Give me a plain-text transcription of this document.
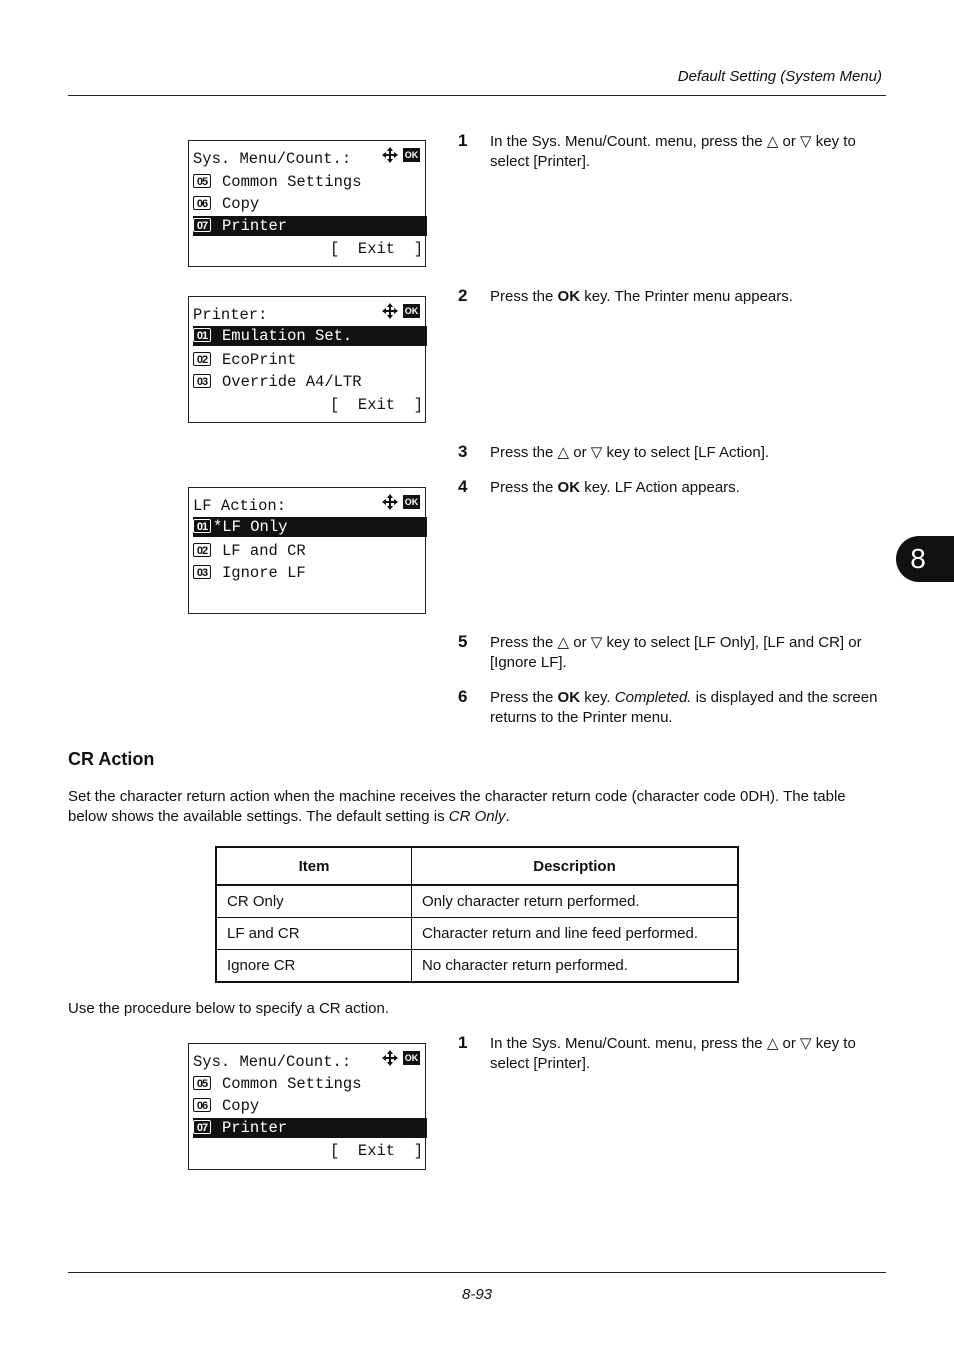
Default Setting (System Menu)
8
Sys. Menu/Count.:	OK
05 Common Settings
06 Copy
07 Printer
[  Exit  ]
Printer:	OK
01 Emulation Set.
02 EcoPrint
03 Override A4/LTR
[  Exit  ]
LF Action:	OK
01 *LF Only
02 LF and CR
03 Ignore LF
1 In the Sys. Menu/Count. menu, press the △ or ▽ key to select [Printer].
2 Press the OK key. The Printer menu appears.
3 Press the △ or ▽ key to select [LF Action].
4 Press the OK key. LF Action appears.
5 Press the △ or ▽ key to select [LF Only], [LF and CR] or [Ignore LF].
6 Press the OK key. Completed. is displayed and the screen returns to the Printer menu.
CR Action
Set the character return action when the machine receives the character return code (character code 0DH). The table below shows the available settings. The default setting is CR Only.
Item	Description
CR Only	Only character return performed.
LF and CR	Character return and line feed performed.
Ignore CR	No character return performed.
Use the procedure below to specify a CR action.
Sys. Menu/Count.:	OK
05 Common Settings
06 Copy
07 Printer
[  Exit  ]
1 In the Sys. Menu/Count. menu, press the △ or ▽ key to select [Printer].
8-93
